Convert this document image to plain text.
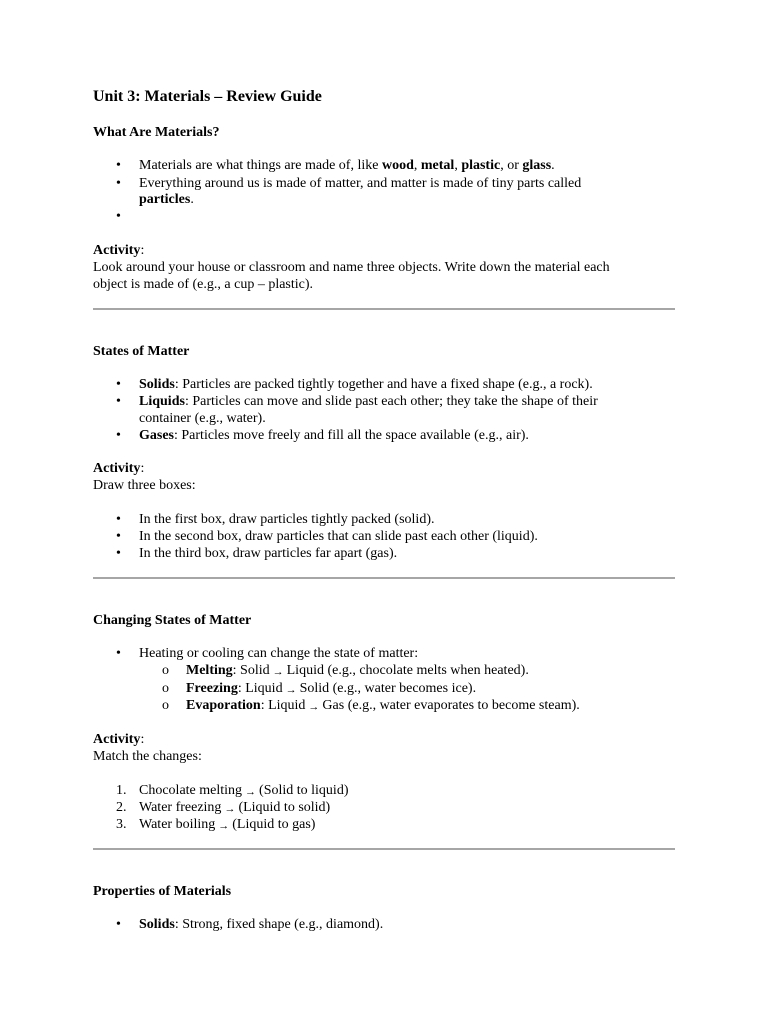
Unit 3: Materials – Review Guide
What Are Materials?
• Materials are what things are made of, like wood, metal, plastic, or glass.
• Everything around us is made of matter, and matter is made of tiny parts called
particles.
•
Activity:
Look around your house or classroom and name three objects. Write down the material each
object is made of (e.g., a cup – plastic).
States of Matter
• Solids: Particles are packed tightly together and have a fixed shape (e.g., a rock).
• Liquids: Particles can move and slide past each other; they take the shape of their
container (e.g., water).
• Gases: Particles move freely and fill all the space available (e.g., air).
Activity:
Draw three boxes:
• In the first box, draw particles tightly packed (solid).
• In the second box, draw particles that can slide past each other (liquid).
• In the third box, draw particles far apart (gas).
Changing States of Matter
• Heating or cooling can change the state of matter:
o Melting: Solid → Liquid (e.g., chocolate melts when heated).
o Freezing: Liquid → Solid (e.g., water becomes ice).
o Evaporation: Liquid → Gas (e.g., water evaporates to become steam).
Activity:
Match the changes:
1. Chocolate melting → (Solid to liquid)
2. Water freezing → (Liquid to solid)
3. Water boiling → (Liquid to gas)
Properties of Materials
• Solids: Strong, fixed shape (e.g., diamond).
